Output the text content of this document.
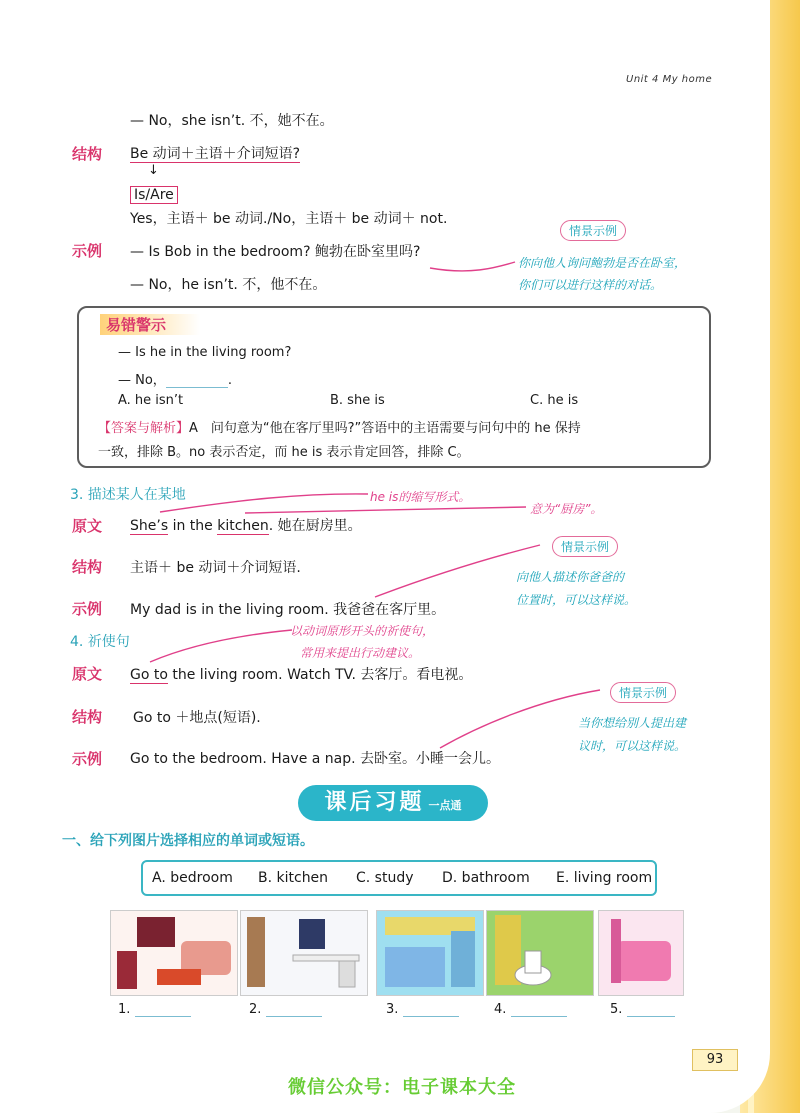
Unit 4 My home
— No，she isn’t. 不，她不在。
结构 Be 动词＋主语＋介词短语?
↓
Is/Are
Yes，主语＋ be 动词./No，主语＋ be 动词＋ not.
示例 — Is Bob in the bedroom? 鲍勃在卧室里吗?
— No，he isn’t. 不，他不在。
情景示例
你向他人询问鲍勃是否在卧室，
你们可以进行这样的对话。
易错警示
— Is he in the living room?
— No，	.
A. he isn’t	B. she is	C. he is
【答案与解析】A　问句意为“他在客厅里吗?”答语中的主语需要与问句中的 he 保持
一致，排除 B。no 表示否定，而 he is 表示肯定回答，排除 C。
3. 描述某人在某地	he is的缩写形式。
意为“厨房”。
原文 She’s in the kitchen. 她在厨房里。
情景示例
结构 主语＋ be 动词＋介词短语.
向他人描述你爸爸的
位置时，可以这样说。
示例 My dad is in the living room. 我爸爸在客厅里。
4. 祈使句
以动词原形开头的祈使句，
常用来提出行动建议。
原文 Go to the living room. Watch TV. 去客厅。看电视。
情景示例
结构 Go to ＋地点(短语).	当你想给别人提出建
议时，可以这样说。
示例 Go to the bedroom. Have a nap. 去卧室。小睡一会儿。
课后习题 一点通
一、给下列图片选择相应的单词或短语。
A. bedroom B. kitchen C. study D. bathroom E. living room
1.	2.	3.	4.	5.
93
微信公众号：电子课本大全
